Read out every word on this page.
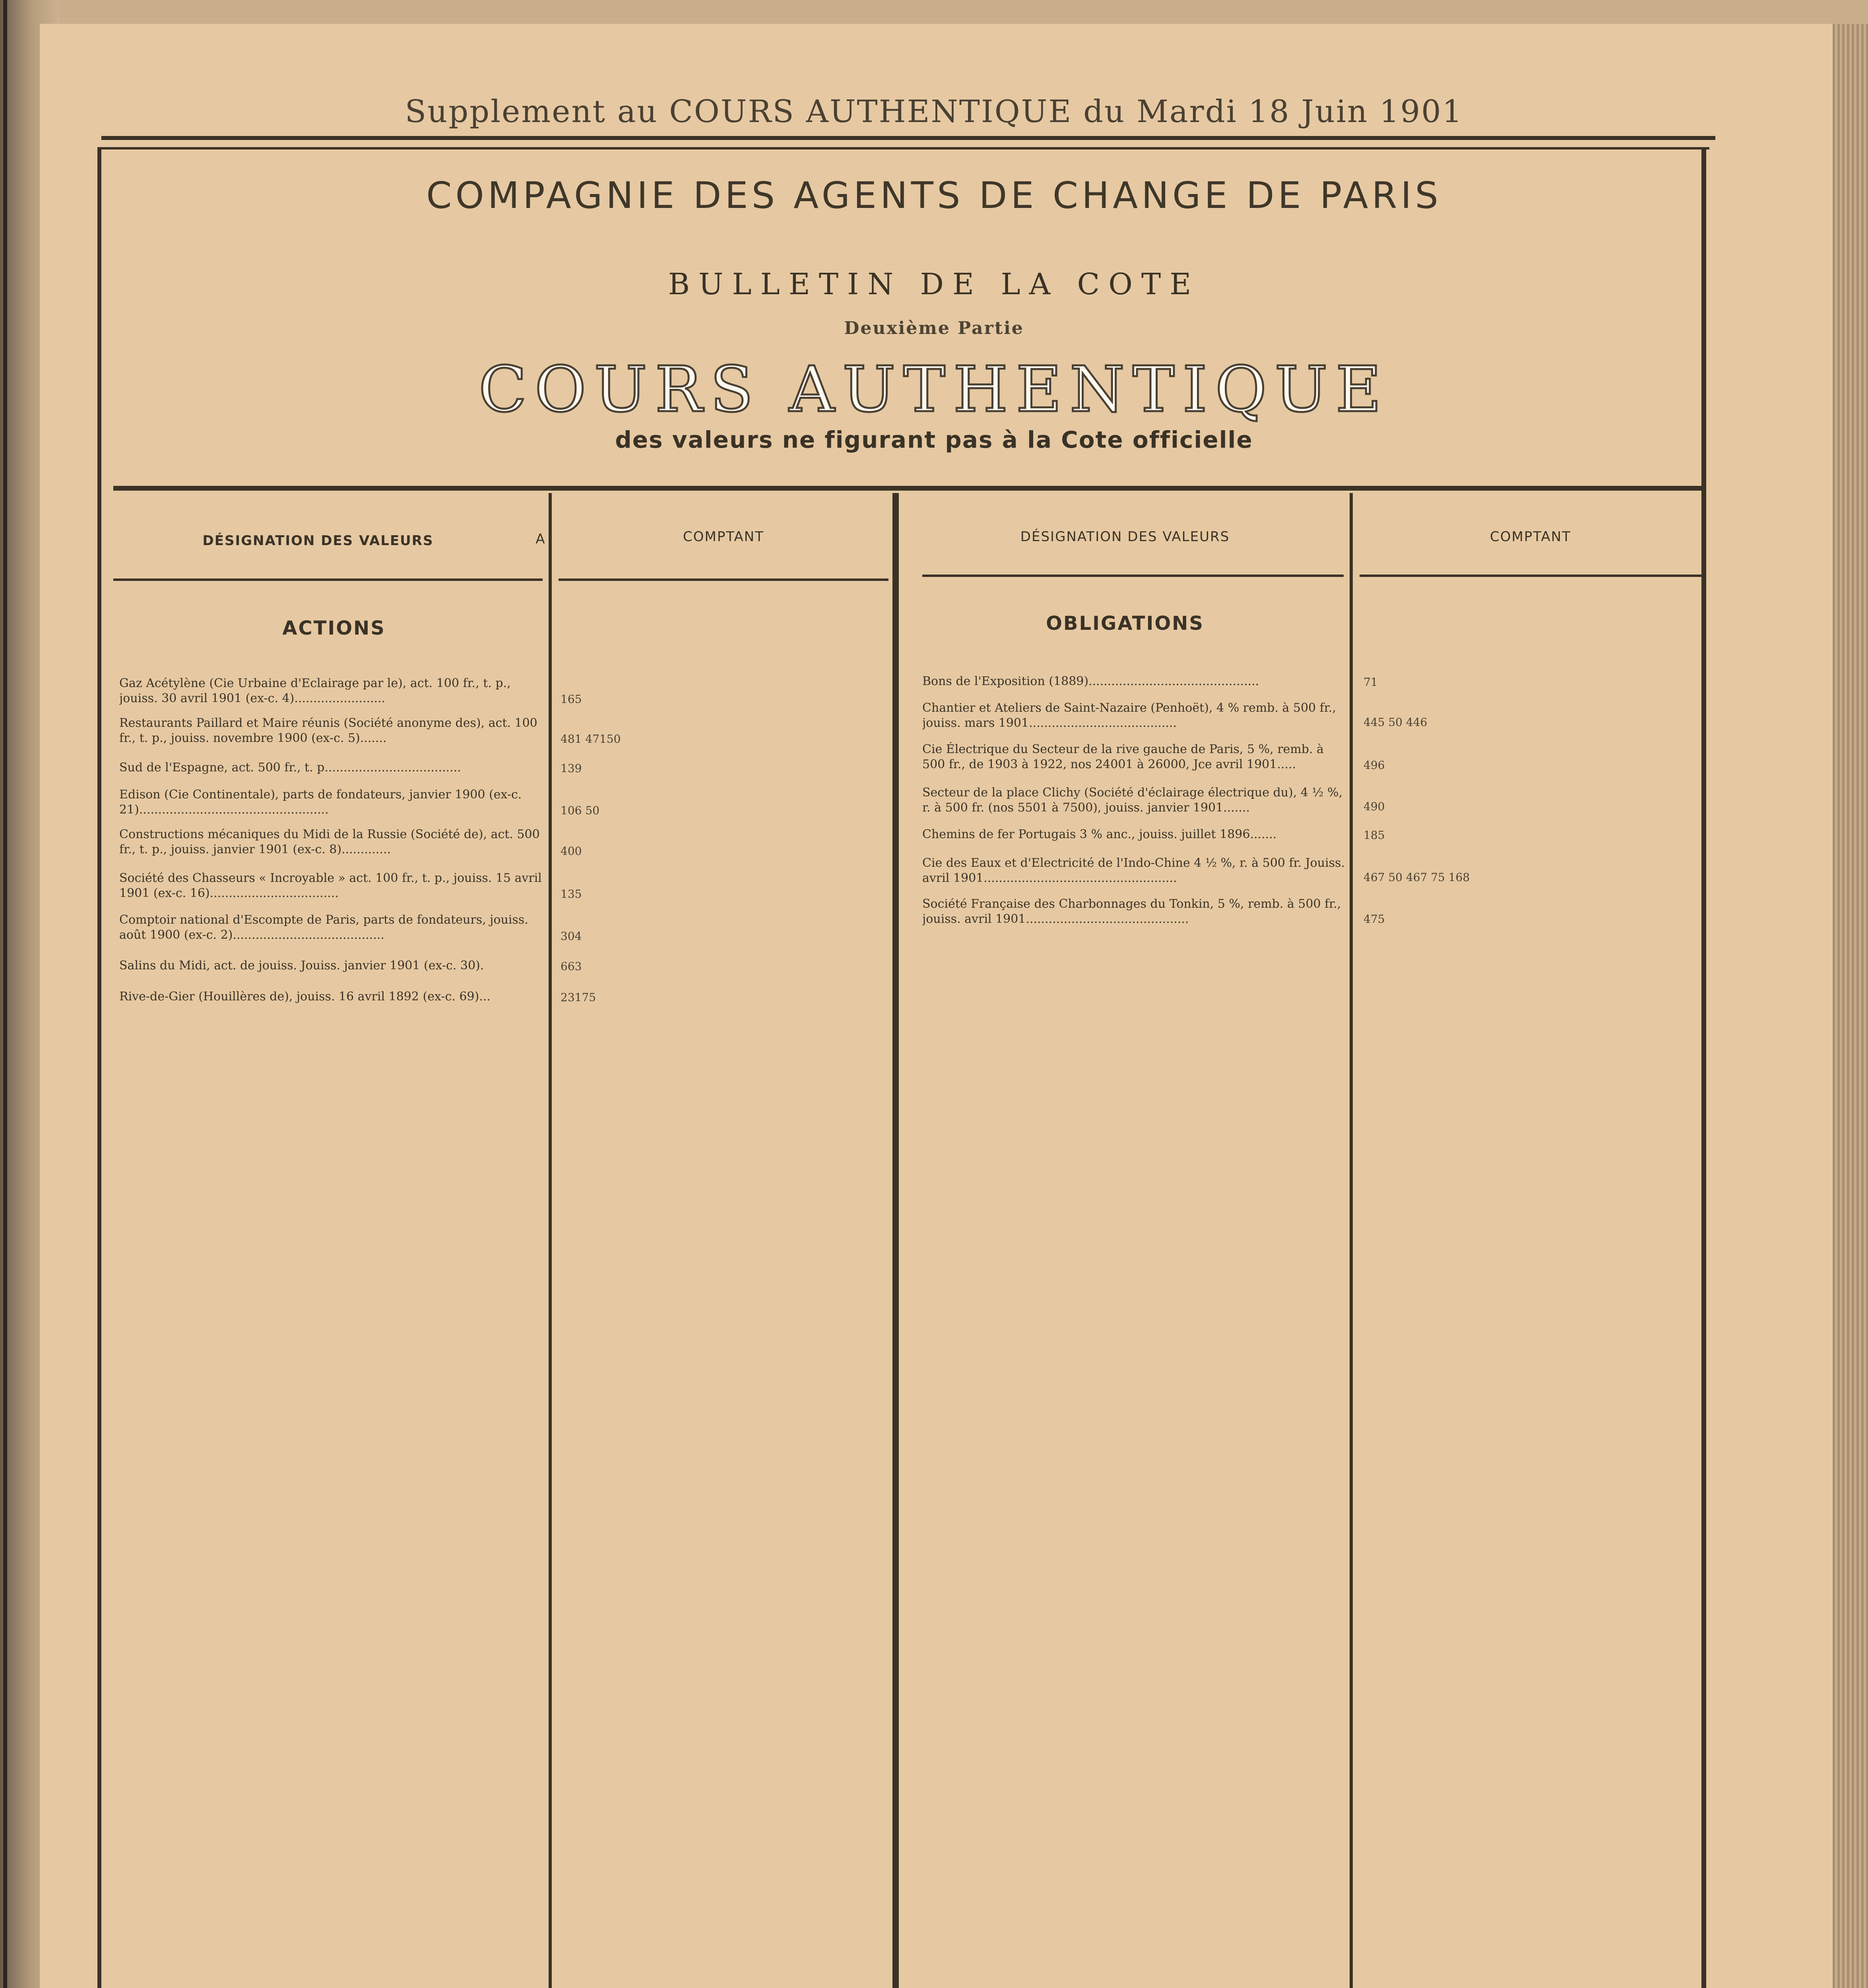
Supplement au COURS AUTHENTIQUE du Mardi 18 Juin 1901
COMPAGNIE DES AGENTS DE CHANGE DE PARIS
BULLETIN DE LA COTE
Deuxième Partie
COURS AUTHENTIQUE
des valeurs ne figurant pas à la Cote officielle
DÉSIGNATION DES VALEURS	A	COMPTANT	DÉSIGNATION DES VALEURS	COMPTANT
ACTIONS	OBLIGATIONS
Gaz Acétylène (Cie Urbaine d'Eclairage par le), act. 100 fr., t. p., jouiss. 30 avril 1901 (ex-c. 4)........................	165
Restaurants Paillard et Maire réunis (Société anonyme des), act. 100 fr., t. p., jouiss. novembre 1900 (ex-c. 5).......	481 47150
Sud de l'Espagne, act. 500 fr., t. p....................................	139
Edison (Cie Continentale), parts de fondateurs, janvier 1900 (ex-c. 21)..................................................	106 50
Constructions mécaniques du Midi de la Russie (Société de), act. 500 fr., t. p., jouiss. janvier 1901 (ex-c. 8).............	400
Société des Chasseurs « Incroyable » act. 100 fr., t. p., jouiss. 15 avril 1901 (ex-c. 16)..................................	135
Comptoir national d'Escompte de Paris, parts de fondateurs, jouiss. août 1900 (ex-c. 2)........................................	304
Salins du Midi, act. de jouiss. Jouiss. janvier 1901 (ex-c. 30).	663
Rive-de-Gier (Houillères de), jouiss. 16 avril 1892 (ex-c. 69)...	23175
Bons de l'Exposition (1889).............................................	71
Chantier et Ateliers de Saint-Nazaire (Penhoët), 4 % remb. à 500 fr., jouiss. mars 1901.......................................	445 50 446
Cie Électrique du Secteur de la rive gauche de Paris, 5 %, remb. à 500 fr., de 1903 à 1922, nos 24001 à 26000, Jce avril 1901.....	496
Secteur de la place Clichy (Société d'éclairage électrique du), 4 ½ %, r. à 500 fr. (nos 5501 à 7500), jouiss. janvier 1901.......	490
Chemins de fer Portugais 3 % anc., jouiss. juillet 1896.......	185
Cie des Eaux et d'Electricité de l'Indo-Chine 4 ½ %, r. à 500 fr. Jouiss. avril 1901...................................................	467 50 467 75 168
Société Française des Charbonnages du Tonkin, 5 %, remb. à 500 fr., jouiss. avril 1901...........................................	475
